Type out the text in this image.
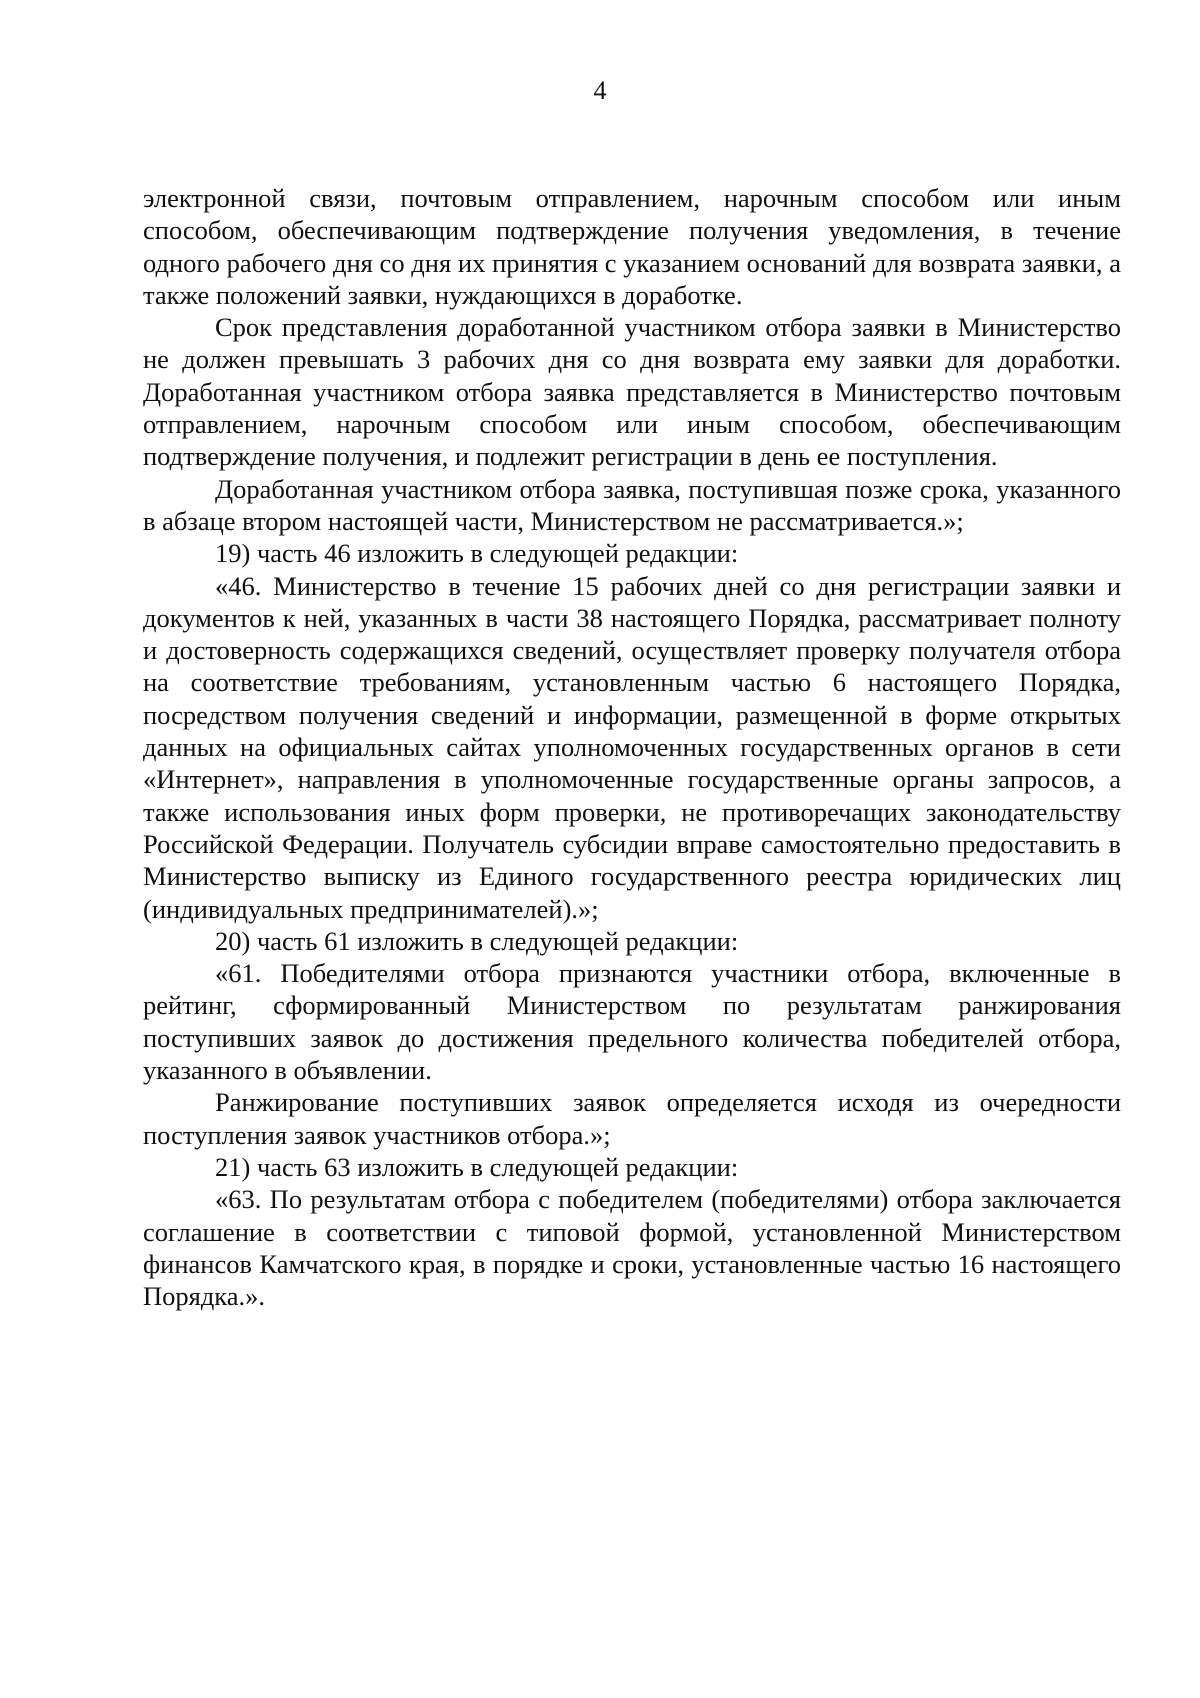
4

электронной связи, почтовым отправлением, нарочным способом или иным способом, обеспечивающим подтверждение получения уведомления, в течение одного рабочего дня со дня их принятия с указанием оснований для возврата заявки, а также положений заявки, нуждающихся в доработке.

Срок представления доработанной участником отбора заявки в Министерство не должен превышать 3 рабочих дня со дня возврата ему заявки для доработки. Доработанная участником отбора заявка представляется в Министерство почтовым отправлением, нарочным способом или иным способом, обеспечивающим подтверждение получения, и подлежит регистрации в день ее поступления.

Доработанная участником отбора заявка, поступившая позже срока, указанного в абзаце втором настоящей части, Министерством не рассматривается.»;

19) часть 46 изложить в следующей редакции:

«46. Министерство в течение 15 рабочих дней со дня регистрации заявки и документов к ней, указанных в части 38 настоящего Порядка, рассматривает полноту и достоверность содержащихся сведений, осуществляет проверку получателя отбора на соответствие требованиям, установленным частью 6 настоящего Порядка, посредством получения сведений и информации, размещенной в форме открытых данных на официальных сайтах уполномоченных государственных органов в сети «Интернет», направления в уполномоченные государственные органы запросов, а также использования иных форм проверки, не противоречащих законодательству Российской Федерации. Получатель субсидии вправе самостоятельно предоставить в Министерство выписку из Единого государственного реестра юридических лиц (индивидуальных предпринимателей).»;

20) часть 61 изложить в следующей редакции:

«61. Победителями отбора признаются участники отбора, включенные в рейтинг, сформированный Министерством по результатам ранжирования поступивших заявок до достижения предельного количества победителей отбора, указанного в объявлении.

Ранжирование поступивших заявок определяется исходя из очередности поступления заявок участников отбора.»;

21) часть 63 изложить в следующей редакции:

«63. По результатам отбора с победителем (победителями) отбора заключается соглашение в соответствии с типовой формой, установленной Министерством финансов Камчатского края, в порядке и сроки, установленные частью 16 настоящего Порядка.».
